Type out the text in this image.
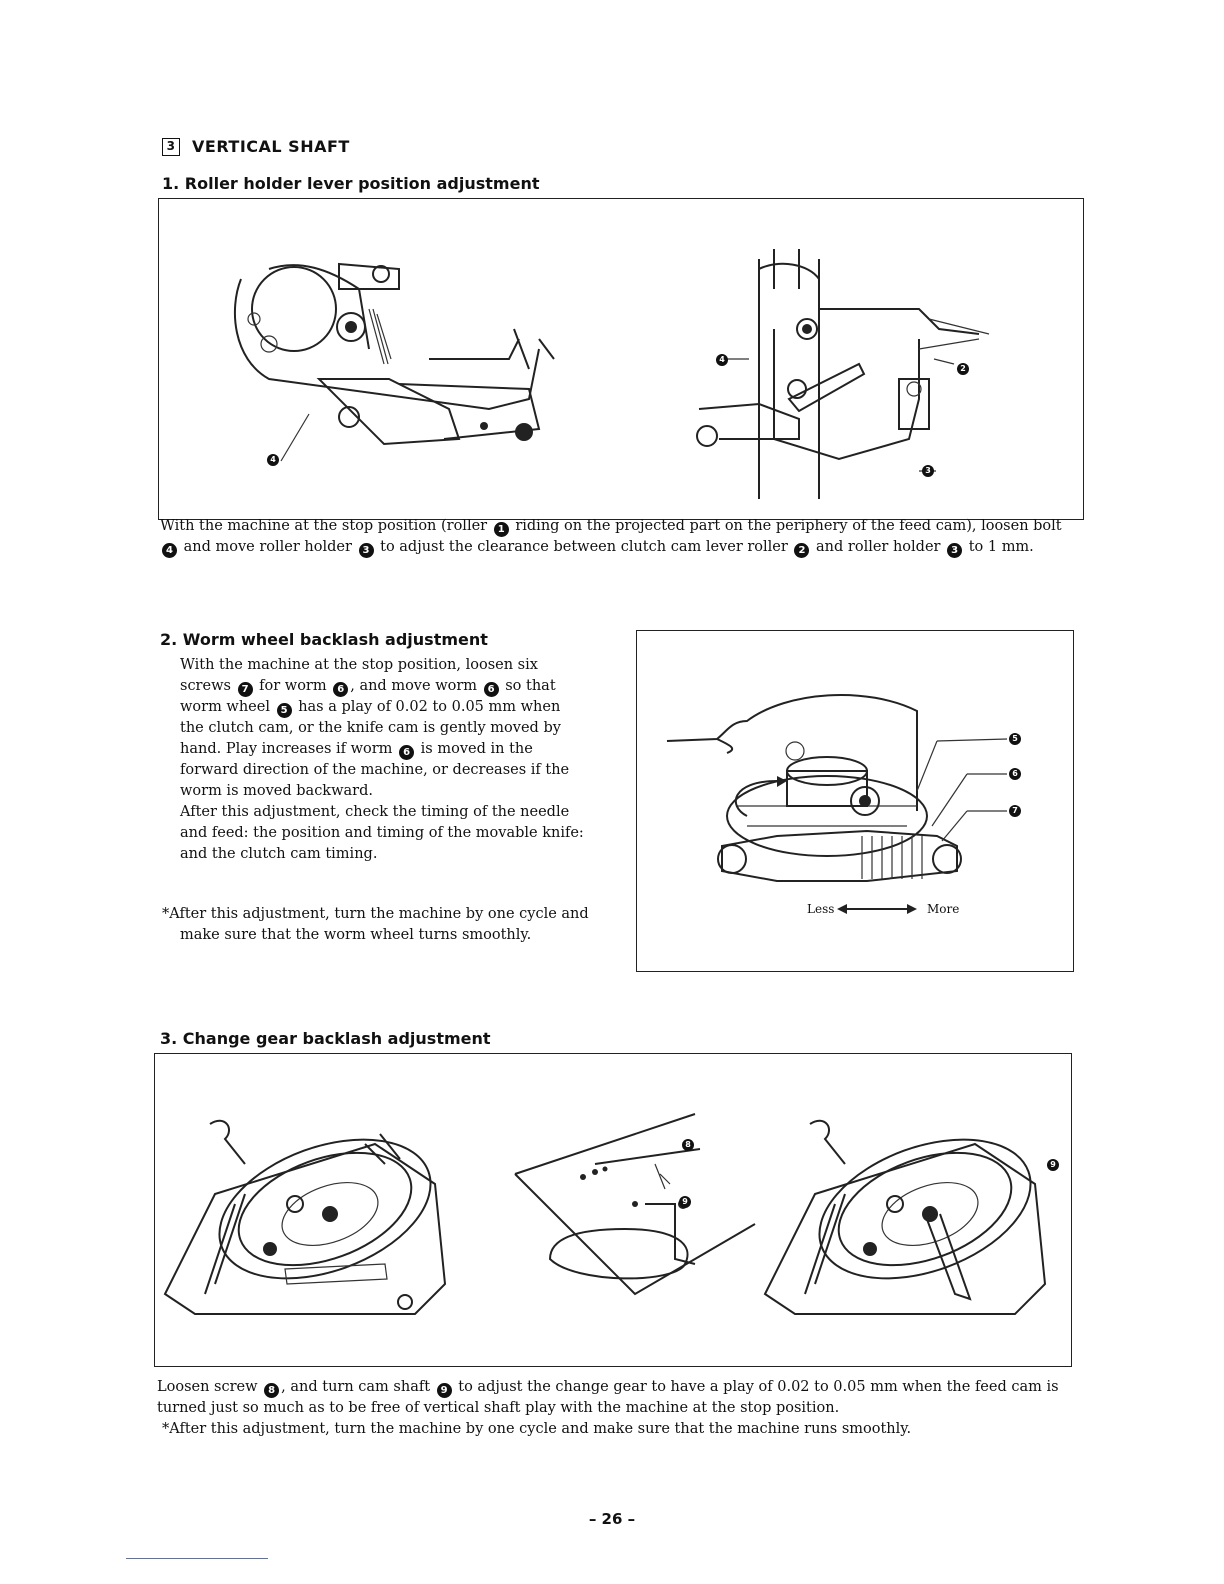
3 VERTICAL SHAFT
1. Roller holder lever position adjustment
4
4
2
3

With the machine at the stop position (roller 1 riding on the projected part on the periphery of the feed cam), loosen bolt 4 and move roller holder 3 to adjust the clearance between clutch cam lever roller 2 and roller holder 3 to 1 mm.

2. Worm wheel backlash adjustment

With the machine at the stop position, loosen six screws 7 for worm 6 , and move worm 6 so that worm wheel 5 has a play of 0.02 to 0.05 mm when the clutch cam, or the knife cam is gently moved by hand. Play increases if worm 6 is moved in the forward direction of the machine, or decreases if the worm is moved backward.

After this adjustment, check the timing of the needle and feed: the position and timing of the movable knife: and the clutch cam timing.

*After this adjustment, turn the machine by one cycle and make sure that the worm wheel turns smoothly.

5
6
7
Less	More
3. Change gear backlash adjustment
8
9
9

Loosen screw 8 , and turn cam shaft 9 to adjust the change gear to have a play of 0.02 to 0.05 mm when the feed cam is turned just so much as to be free of vertical shaft play with the machine at the stop position.

*After this adjustment, turn the machine by one cycle and make sure that the machine runs smoothly.

– 26 –
